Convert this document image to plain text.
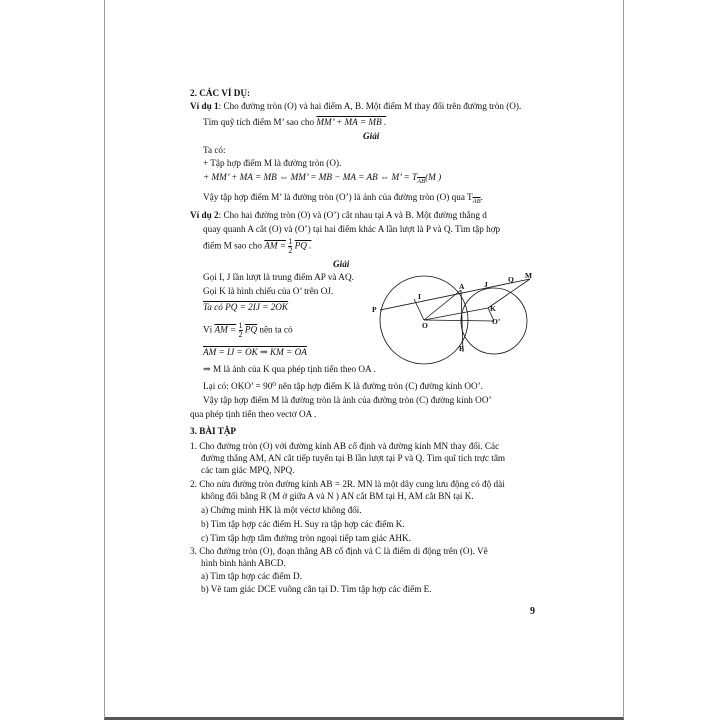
2. CÁC VÍ DỤ:
Ví dụ 1: Cho đường tròn (O) và hai điểm A, B. Một điểm M thay đổi trên đường tròn (O).
Tìm quỹ tích điểm M’ sao cho MM’ + MA = MB .
Giải
Ta có:
+ Tập hợp điểm M là đường tròn (O).
+ MM’ + MA = MB ⇔ MM’ = MB − MA = AB ⇔ M’ = $T_{\overline{AB}}(M$ )
Vậy tập hợp điểm M’ là đường tròn (O’) là ảnh của đường tròn (O) qua $T_{\overline{AB}}$.
Ví dụ 2: Cho hai đường tròn (O) và (O’) cắt nhau tại A và B. Một đường thẳng d
quay quanh A cắt (O) và (O’) tại hai điểm khác A lần lượt là P và Q. Tìm tập hợp
điểm M sao cho AM = $\frac{1}{2}$ PQ .
Giải
Gọi I, J lần lượt là trung điểm AP và AQ.
Gọi K là hình chiếu của O’ trên OJ.
Ta có PQ = 2IJ = 2OK
Vì AM = $\frac{1}{2} \overline{PQ}$ nên ta có
AM = IJ = OK ⇒ KM = OA
⇒ M là ảnh của K qua phép tịnh tiến theo OA .
Lại có: OKO’ = 90⁰ nên tập hợp điểm K là đường tròn (C) đường kính OO’.
Vậy tập hợp điểm M là đường tròn là ảnh của đường tròn (C) đường kính OO’
qua phép tịnh tiến theo vectơ OA .
P
I
A	J
Q M
K
O	O’
B
3. BÀI TẬP
1. Cho đường tròn (O) với đường kính AB cố định và đường kính MN thay đổi. Các
đường thẳng AM, AN cắt tiếp tuyến tại B lần lượt tại P và Q. Tìm quĩ tích trực tâm
các tam giác MPQ, NPQ.
2. Cho nửa đường tròn đường kính AB = 2R. MN là một dây cung lưu động có độ dài
không đổi bằng R (M ở giữa A và N ) AN cắt BM tại H, AM cắt BN tại K.
a) Chứng minh HK là một véctơ không đổi.
b) Tìm tập hợp các điểm H. Suy ra tập hợp các điểm K.
c) Tìm tập hợp tâm đường tròn ngoại tiếp tam giác AHK.
3. Cho đường tròn (O), đoạn thẳng AB cố định và C là điểm di động trên (O). Vẽ
hình bình hành ABCD.
a) Tìm tập hợp các điểm D.
b) Vẽ tam giác DCE vuông cân tại D. Tìm tập hợp các điểm E.
9
